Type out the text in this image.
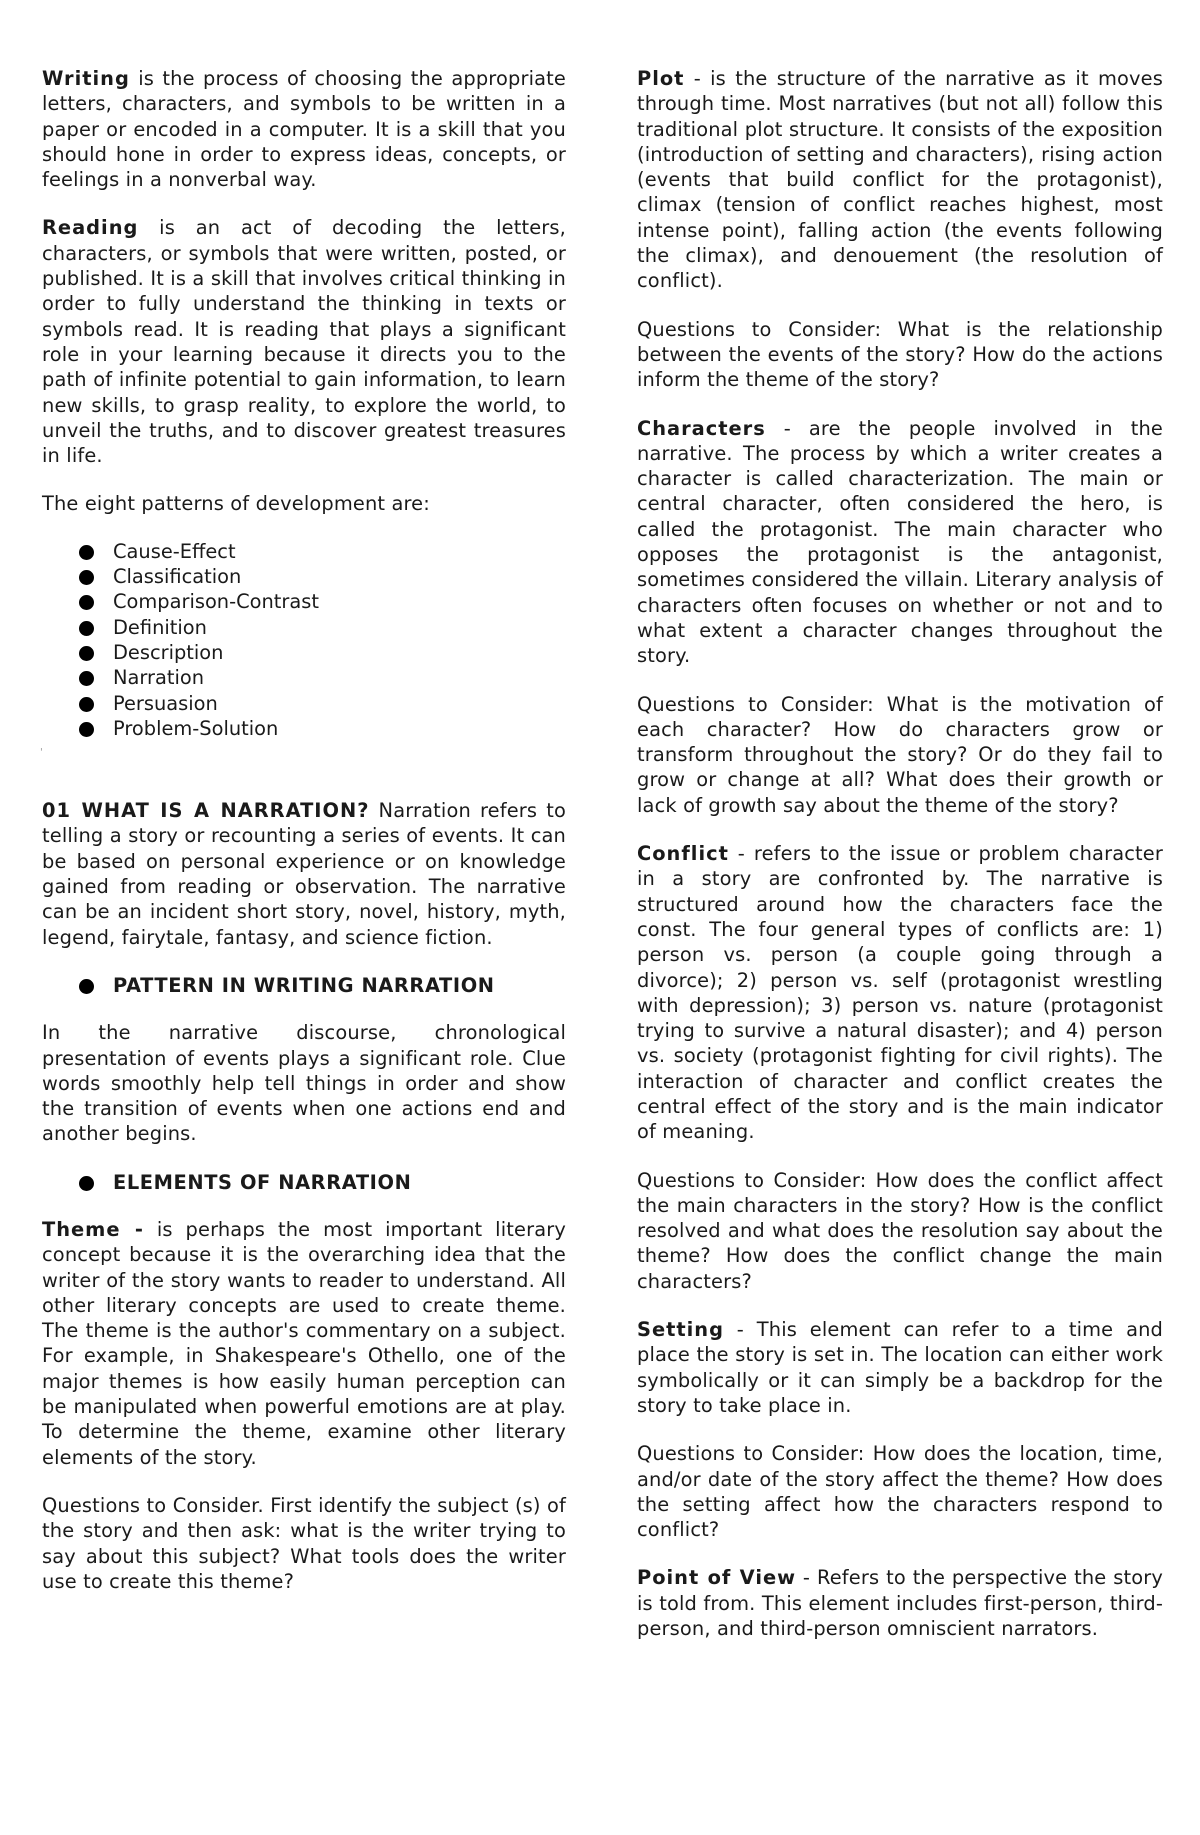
Writing is the process of choosing the appropriate letters, characters, and symbols to be written in a paper or encoded in a computer. It is a skill that you should hone in order to express ideas, concepts, or feelings in a nonverbal way.

Reading is an act of decoding the letters, characters, or symbols that were written, posted, or published. It is a skill that involves critical thinking in order to fully understand the thinking in texts or symbols read. It is reading that plays a significant role in your learning because it directs you to the path of infinite potential to gain information, to learn new skills, to grasp reality, to explore the world, to unveil the truths, and to discover greatest treasures in life.

The eight patterns of development are:

Cause-Effect
Classification
Comparison-Contrast
Definition
Description
Narration
Persuasion
Problem-Solution
'

01 WHAT IS A NARRATION? Narration refers to telling a story or recounting a series of events. It can be based on personal experience or on knowledge gained from reading or observation. The narrative can be an incident short story, novel, history, myth, legend, fairytale, fantasy, and science fiction.

PATTERN IN WRITING NARRATION

In the narrative discourse, chronological presentation of events plays a significant role. Clue words smoothly help tell things in order and show the transition of events when one actions end and another begins.

ELEMENTS OF NARRATION

Theme - is perhaps the most important literary concept because it is the overarching idea that the writer of the story wants to reader to understand. All other literary concepts are used to create theme. The theme is the author's commentary on a subject. For example, in Shakespeare's Othello, one of the major themes is how easily human perception can be manipulated when powerful emotions are at play. To determine the theme, examine other literary elements of the story.

Questions to Consider. First identify the subject (s) of the story and then ask: what is the writer trying to say about this subject? What tools does the writer use to create this theme?

Plot - is the structure of the narrative as it moves through time. Most narratives (but not all) follow this traditional plot structure. It consists of the exposition (introduction of setting and characters), rising action (events that build conflict for the protagonist), climax (tension of conflict reaches highest, most intense point), falling action (the events following the climax), and denouement (the resolution of conflict).

Questions to Consider: What is the relationship between the events of the story? How do the actions inform the theme of the story?

Characters - are the people involved in the narrative. The process by which a writer creates a character is called characterization. The main or central character, often considered the hero, is called the protagonist. The main character who opposes the protagonist is the antagonist, sometimes considered the villain. Literary analysis of characters often focuses on whether or not and to what extent a character changes throughout the story.

Questions to Consider: What is the motivation of each character? How do characters grow or transform throughout the story? Or do they fail to grow or change at all? What does their growth or lack of growth say about the theme of the story?

Conflict - refers to the issue or problem character in a story are confronted by. The narrative is structured around how the characters face the const. The four general types of conflicts are: 1) person vs. person (a couple going through a divorce); 2) person vs. self (protagonist wrestling with depression); 3) person vs. nature (protagonist trying to survive a natural disaster); and 4) person vs. society (protagonist fighting for civil rights). The interaction of character and conflict creates the central effect of the story and is the main indicator of meaning.

Questions to Consider: How does the conflict affect the main characters in the story? How is the conflict resolved and what does the resolution say about the theme? How does the conflict change the main characters?

Setting - This element can refer to a time and place the story is set in. The location can either work symbolically or it can simply be a backdrop for the story to take place in.

Questions to Consider: How does the location, time, and/or date of the story affect the theme? How does the setting affect how the characters respond to conflict?

Point of View - Refers to the perspective the story is told from. This element includes first-person, third- person, and third-person omniscient narrators.
